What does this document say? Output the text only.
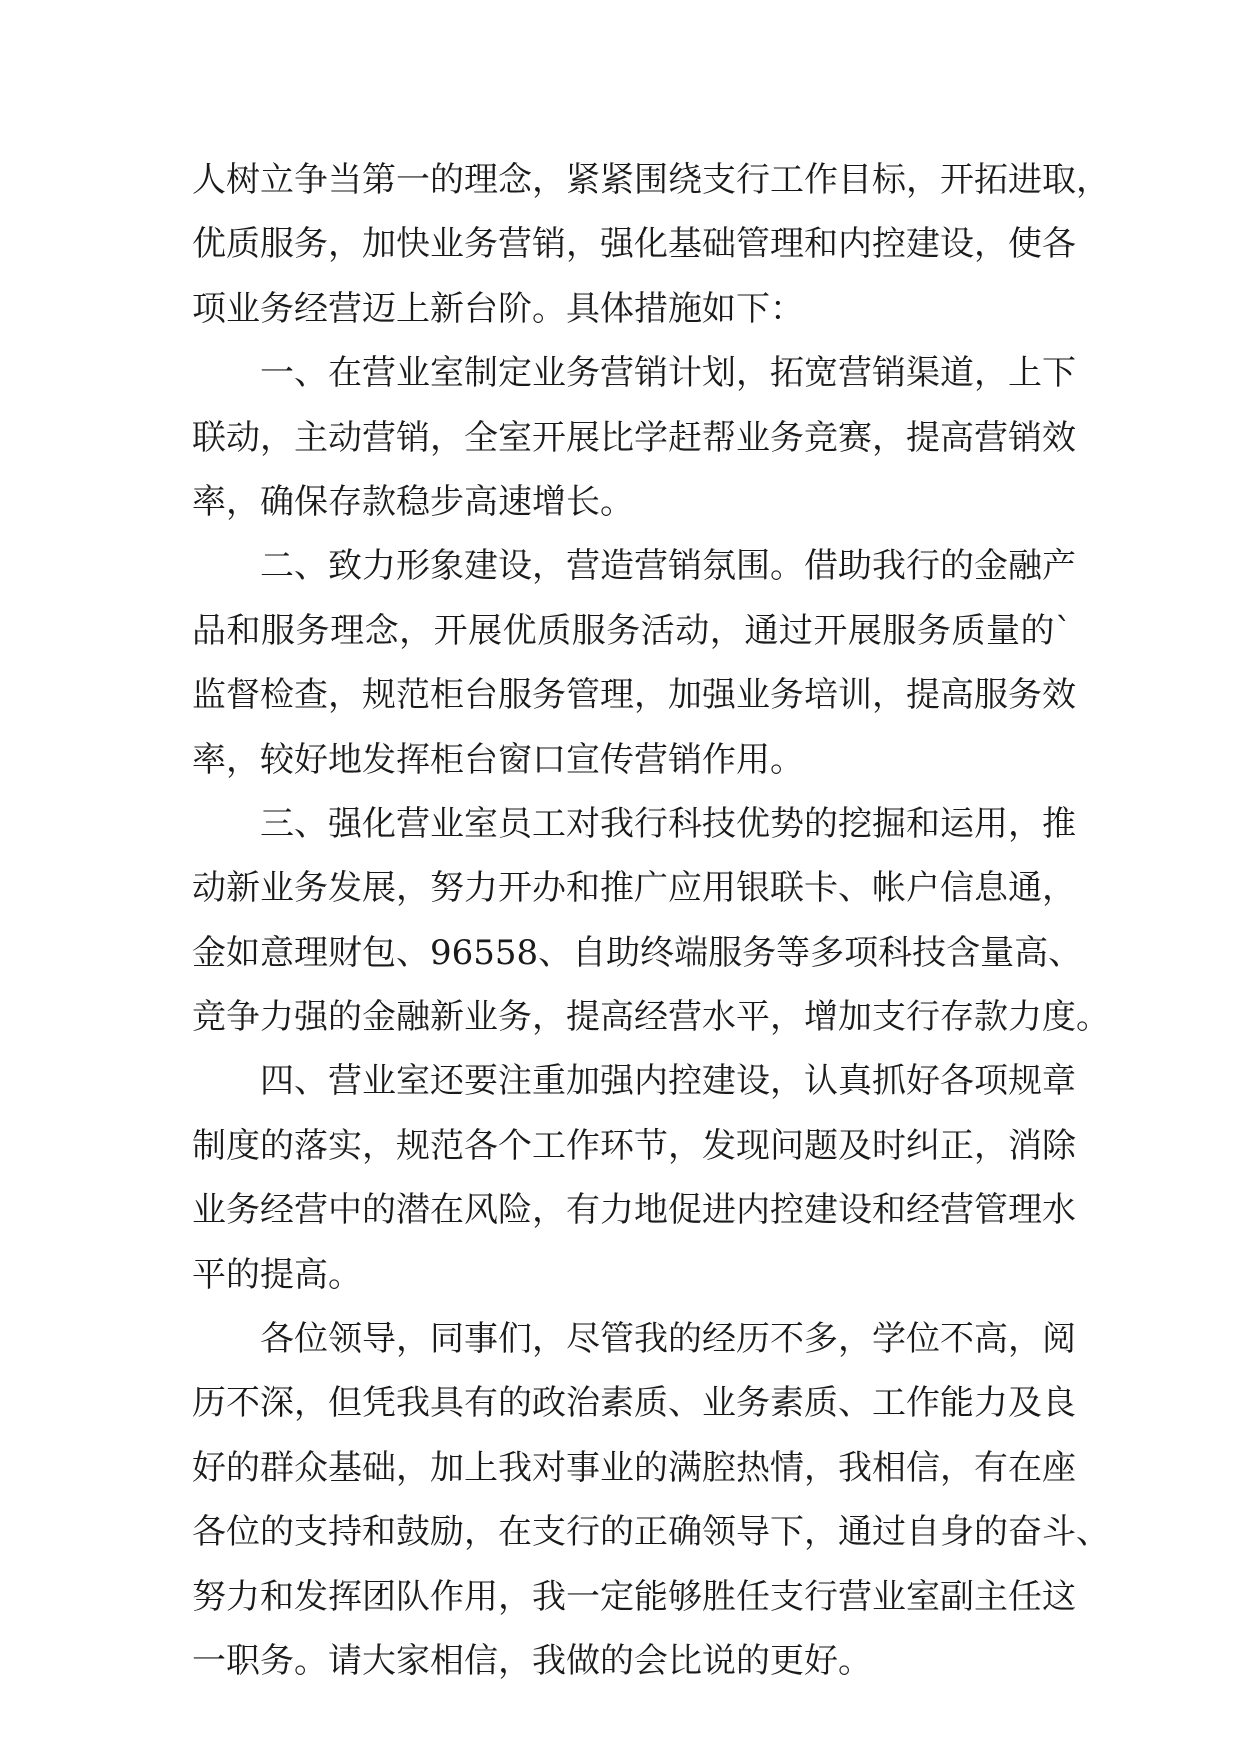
人树立争当第一的理念，紧紧围绕支行工作目标，开拓进取，
优质服务，加快业务营销，强化基础管理和内控建设，使各
项业务经营迈上新台阶。具体措施如下：
一、在营业室制定业务营销计划，拓宽营销渠道，上下
联动，主动营销，全室开展比学赶帮业务竞赛，提高营销效
率，确保存款稳步高速增长。
二、致力形象建设，营造营销氛围。借助我行的金融产
品和服务理念，开展优质服务活动，通过开展服务质量的`
监督检查，规范柜台服务管理，加强业务培训，提高服务效
率，较好地发挥柜台窗口宣传营销作用。
三、强化营业室员工对我行科技优势的挖掘和运用，推
动新业务发展，努力开办和推广应用银联卡、帐户信息通，
金如意理财包、96558、自助终端服务等多项科技含量高、
竞争力强的金融新业务，提高经营水平，增加支行存款力度。
四、营业室还要注重加强内控建设，认真抓好各项规章
制度的落实，规范各个工作环节，发现问题及时纠正，消除
业务经营中的潜在风险，有力地促进内控建设和经营管理水
平的提高。
各位领导，同事们，尽管我的经历不多，学位不高，阅
历不深，但凭我具有的政治素质、业务素质、工作能力及良
好的群众基础，加上我对事业的满腔热情，我相信，有在座
各位的支持和鼓励，在支行的正确领导下，通过自身的奋斗、
努力和发挥团队作用，我一定能够胜任支行营业室副主任这
一职务。请大家相信，我做的会比说的更好。
